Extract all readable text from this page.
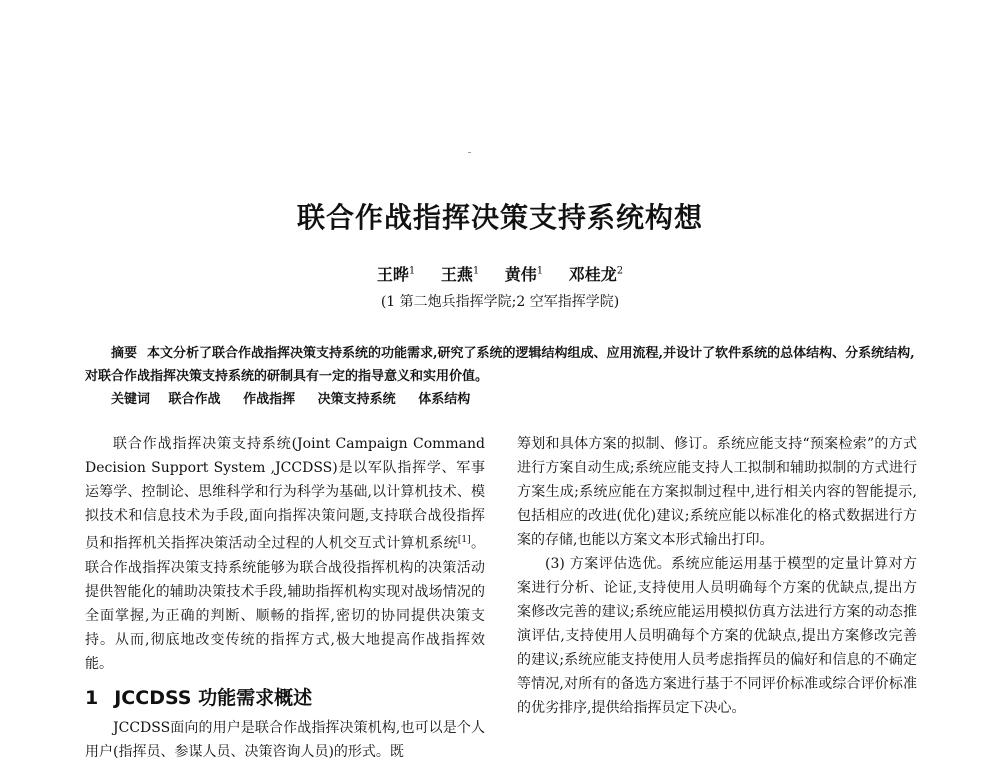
联合作战指挥决策支持系统构想
王晔$^1$ 王燕$^1$ 黄伟$^1$ 邓桂龙$^2$
(1 第二炮兵指挥学院;2 空军指挥学院)
摘要 本文分析了联合作战指挥决策支持系统的功能需求,研究了系统的逻辑结构组成、应用流程,并设计了软件系统的总体结构、分系统结构,对联合作战指挥决策支持系统的研制具有一定的指导意义和实用价值。
关键词 联合作战 作战指挥 决策支持系统 体系结构

联合作战指挥决策支持系统(Joint Campaign Command Decision Support System ,JCCDSS)是以军队指挥学、军事运筹学、控制论、思维科学和行为科学为基础,以计算机技术、模拟技术和信息技术为手段,面向指挥决策问题,支持联合战役指挥员和指挥机关指挥决策活动全过程的人机交互式计算机系统[1]。联合作战指挥决策支持系统能够为联合战役指挥机构的决策活动提供智能化的辅助决策技术手段,辅助指挥机构实现对战场情况的全面掌握,为正确的判断、顺畅的指挥,密切的协同提供决策支持。从而,彻底地改变传统的指挥方式,极大地提高作战指挥效能。

1 JCCDSS 功能需求概述

JCCDSS面向的用户是联合作战指挥决策机构,也可以是个人用户(指挥员、参谋人员、决策咨询人员)的形式。既

筹划和具体方案的拟制、修订。系统应能支持“预案检索”的方式进行方案自动生成;系统应能支持人工拟制和辅助拟制的方式进行方案生成;系统应能在方案拟制过程中,进行相关内容的智能提示,包括相应的改进(优化)建议;系统应能以标准化的格式数据进行方案的存储,也能以方案文本形式输出打印。

(3) 方案评估选优。系统应能运用基于模型的定量计算对方案进行分析、论证,支持使用人员明确每个方案的优缺点,提出方案修改完善的建议;系统应能运用模拟仿真方法进行方案的动态推演评估,支持使用人员明确每个方案的优缺点,提出方案修改完善的建议;系统应能支持使用人员考虑指挥员的偏好和信息的不确定等情况,对所有的备选方案进行基于不同评价标准或综合评价标准的优劣排序,提供给指挥员定下决心。
